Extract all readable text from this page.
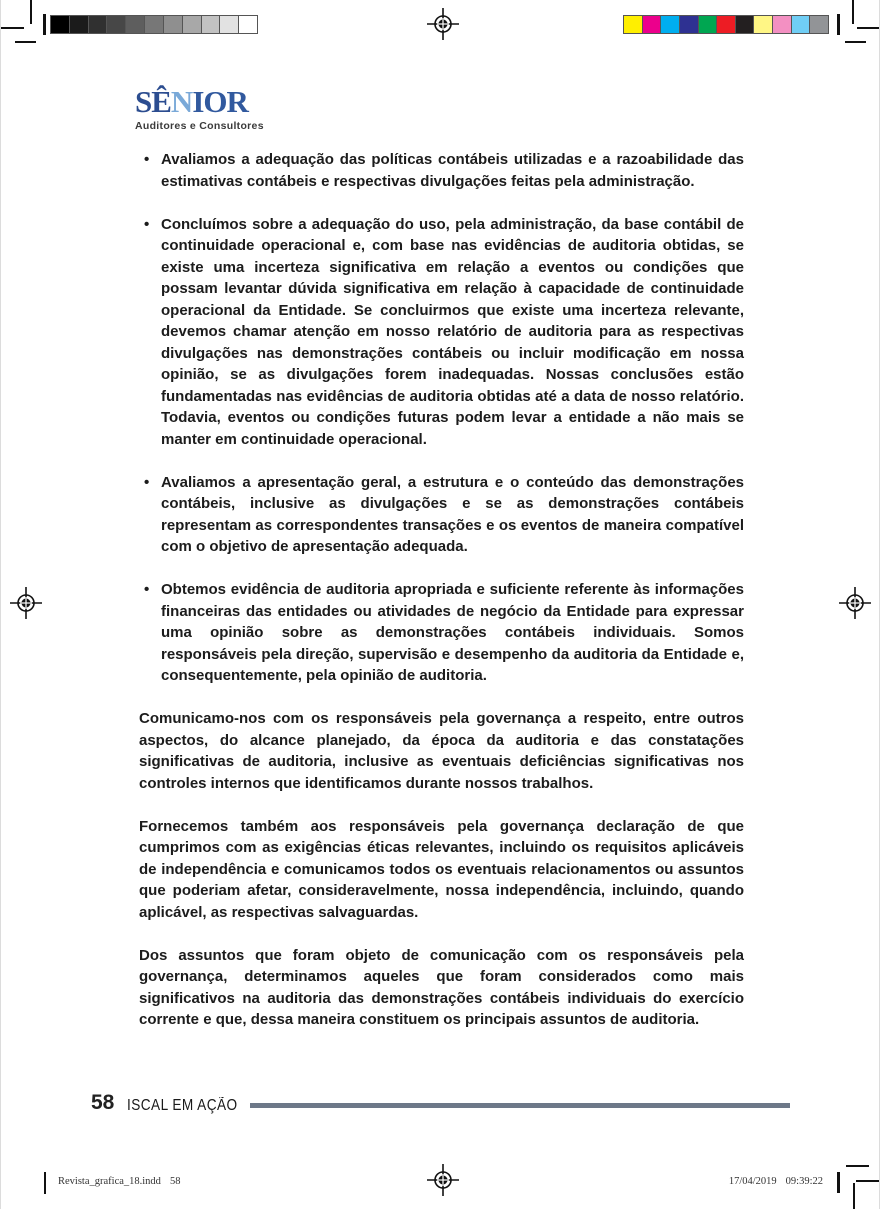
SÊNIOR
Auditores e Consultores
• Avaliamos a adequação das políticas contábeis utilizadas e a razoabilidade das estimativas contábeis e respectivas divulgações feitas pela administração.
• Concluímos sobre a adequação do uso, pela administração, da base contábil de continuidade operacional e, com base nas evidências de auditoria obtidas, se existe uma incerteza significativa em relação a eventos ou condições que possam levantar dúvida significativa em relação à capacidade de continuidade operacional da Entidade. Se concluirmos que existe uma incerteza relevante, devemos chamar atenção em nosso relatório de auditoria para as respectivas divulgações nas demonstrações contábeis ou incluir modificação em nossa opinião, se as divulgações forem inadequadas. Nossas conclusões estão fundamentadas nas evidências de auditoria obtidas até a data de nosso relatório. Todavia, eventos ou condições futuras podem levar a entidade a não mais se manter em continuidade operacional.
• Avaliamos a apresentação geral, a estrutura e o conteúdo das demonstrações contábeis, inclusive as divulgações e se as demonstrações contábeis representam as correspondentes transações e os eventos de maneira compatível com o objetivo de apresentação adequada.
• Obtemos evidência de auditoria apropriada e suficiente referente às informações financeiras das entidades ou atividades de negócio da Entidade para expressar uma opinião sobre as demonstrações contábeis individuais. Somos responsáveis pela direção, supervisão e desempenho da auditoria da Entidade e, consequentemente, pela opinião de auditoria.

Comunicamo-nos com os responsáveis pela governança a respeito, entre outros aspectos, do alcance planejado, da época da auditoria e das constatações significativas de auditoria, inclusive as eventuais deficiências significativas nos controles internos que identificamos durante nossos trabalhos.

Fornecemos também aos responsáveis pela governança declaração de que cumprimos com as exigências éticas relevantes, incluindo os requisitos aplicáveis de independência e comunicamos todos os eventuais relacionamentos ou assuntos que poderiam afetar, consideravelmente, nossa independência, incluindo, quando aplicável, as respectivas salvaguardas.

Dos assuntos que foram objeto de comunicação com os responsáveis pela governança, determinamos aqueles que foram considerados como mais significativos na auditoria das demonstrações contábeis individuais do exercício corrente e que, dessa maneira constituem os principais assuntos de auditoria.

58 ISCAL EM AÇÃO
Revista_grafica_18.indd 58	17/04/2019 09:39:22
